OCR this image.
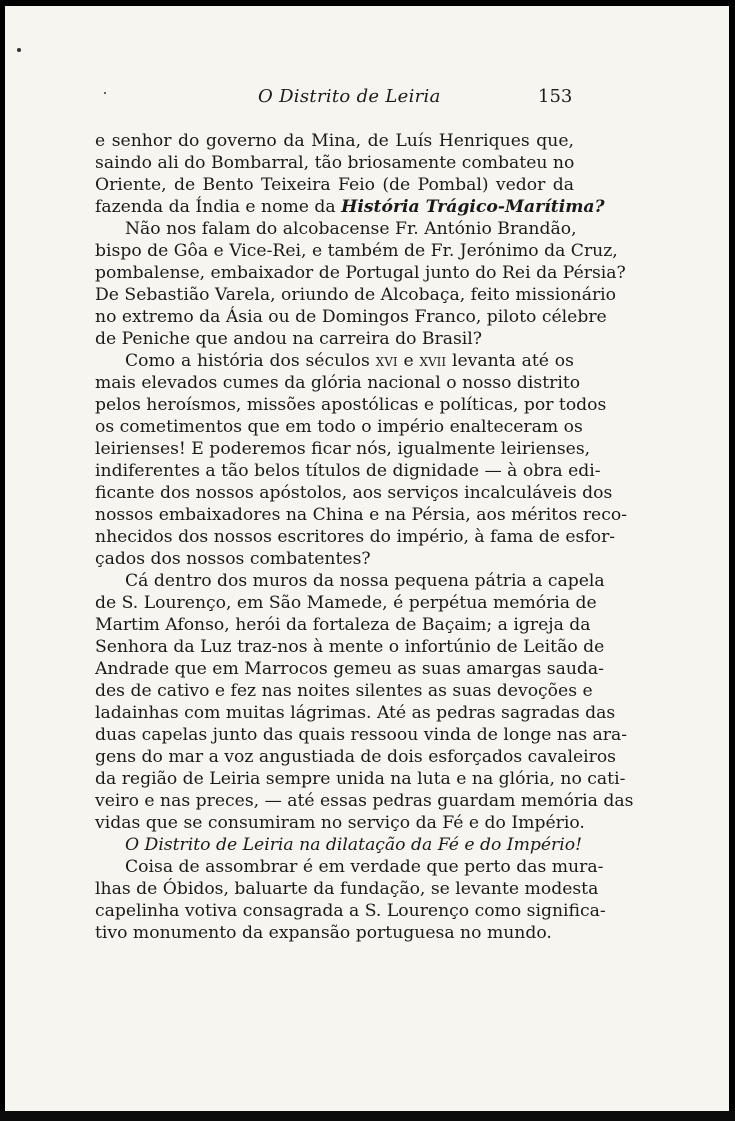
O Distrito de Leiria	153
e senhor do governo da Mina, de Luís Henriques que,
saindo ali do Bombarral, tão briosamente combateu no
Oriente, de Bento Teixeira Feio (de Pombal) vedor da
fazenda da Índia e nome da História Trágico-Marítima?
Não nos falam do alcobacense Fr. António Brandão,
bispo de Gôa e Vice-Rei, e também de Fr. Jerónimo da Cruz,
pombalense, embaixador de Portugal junto do Rei da Pérsia?
De Sebastião Varela, oriundo de Alcobaça, feito missionário
no extremo da Ásia ou de Domingos Franco, piloto célebre
de Peniche que andou na carreira do Brasil?
Como a história dos séculos xvi e xvii levanta até os
mais elevados cumes da glória nacional o nosso distrito
pelos heroísmos, missões apostólicas e políticas, por todos
os cometimentos que em todo o império enalteceram os
leirienses! E poderemos ficar nós, igualmente leirienses,
indiferentes a tão belos títulos de dignidade — à obra edi-
ficante dos nossos apóstolos, aos serviços incalculáveis dos
nossos embaixadores na China e na Pérsia, aos méritos reco-
nhecidos dos nossos escritores do império, à fama de esfor-
çados dos nossos combatentes?
Cá dentro dos muros da nossa pequena pátria a capela
de S. Lourenço, em São Mamede, é perpétua memória de
Martim Afonso, herói da fortaleza de Baçaim; a igreja da
Senhora da Luz traz-nos à mente o infortúnio de Leitão de
Andrade que em Marrocos gemeu as suas amargas sauda-
des de cativo e fez nas noites silentes as suas devoções e
ladainhas com muitas lágrimas. Até as pedras sagradas das
duas capelas junto das quais ressoou vinda de longe nas ara-
gens do mar a voz angustiada de dois esforçados cavaleiros
da região de Leiria sempre unida na luta e na glória, no cati-
veiro e nas preces, — até essas pedras guardam memória das
vidas que se consumiram no serviço da Fé e do Império.
O Distrito de Leiria na dilatação da Fé e do Império!
Coisa de assombrar é em verdade que perto das mura-
lhas de Óbidos, baluarte da fundação, se levante modesta
capelinha votiva consagrada a S. Lourenço como significa-
tivo monumento da expansão portuguesa no mundo.
